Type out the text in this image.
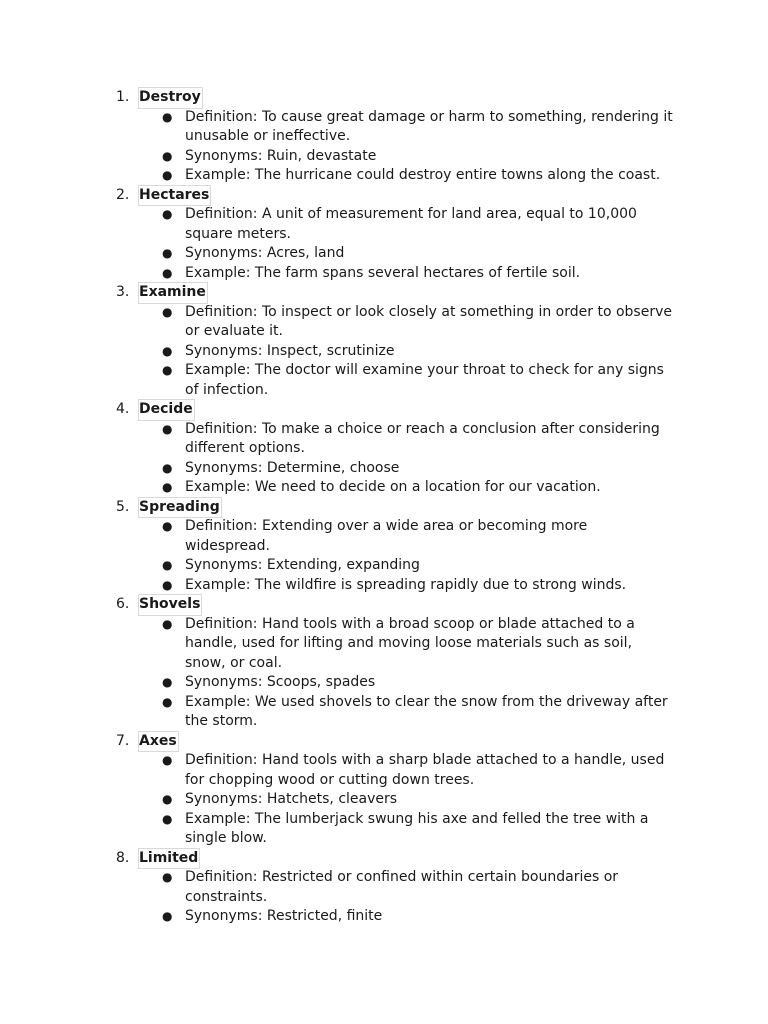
1. Destroy
● Definition: To cause great damage or harm to something, rendering it unusable or ineffective.
● Synonyms: Ruin, devastate
● Example: The hurricane could destroy entire towns along the coast.
2. Hectares
● Definition: A unit of measurement for land area, equal to 10,000 square meters.
● Synonyms: Acres, land
● Example: The farm spans several hectares of fertile soil.
3. Examine
● Definition: To inspect or look closely at something in order to observe or evaluate it.
● Synonyms: Inspect, scrutinize
● Example: The doctor will examine your throat to check for any signs of infection.
4. Decide
● Definition: To make a choice or reach a conclusion after considering different options.
● Synonyms: Determine, choose
● Example: We need to decide on a location for our vacation.
5. Spreading
● Definition: Extending over a wide area or becoming more widespread.
● Synonyms: Extending, expanding
● Example: The wildfire is spreading rapidly due to strong winds.
6. Shovels
● Definition: Hand tools with a broad scoop or blade attached to a handle, used for lifting and moving loose materials such as soil, snow, or coal.
● Synonyms: Scoops, spades
● Example: We used shovels to clear the snow from the driveway after the storm.
7. Axes
● Definition: Hand tools with a sharp blade attached to a handle, used for chopping wood or cutting down trees.
● Synonyms: Hatchets, cleavers
● Example: The lumberjack swung his axe and felled the tree with a single blow.
8. Limited
● Definition: Restricted or confined within certain boundaries or constraints.
● Synonyms: Restricted, finite
